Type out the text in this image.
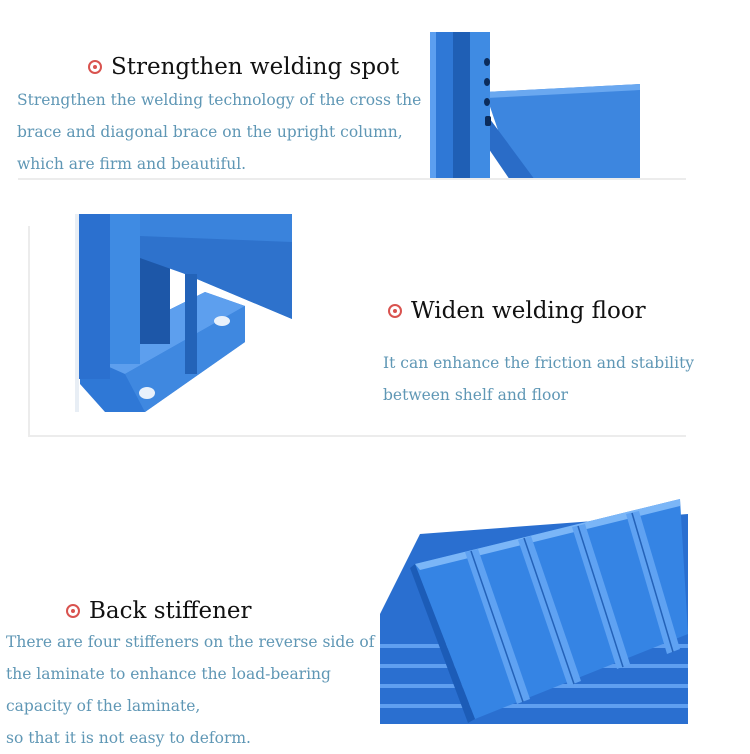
Strengthen welding spot
Strengthen the welding technology of the cross the
brace and diagonal brace on the upright column,
which are firm and beautiful.
Widen welding floor
It can enhance the friction and stability
between shelf and floor
Back stiffener
There are four stiffeners on the reverse side of
the laminate to enhance the load-bearing
capacity of the laminate,
so that it is not easy to deform.
